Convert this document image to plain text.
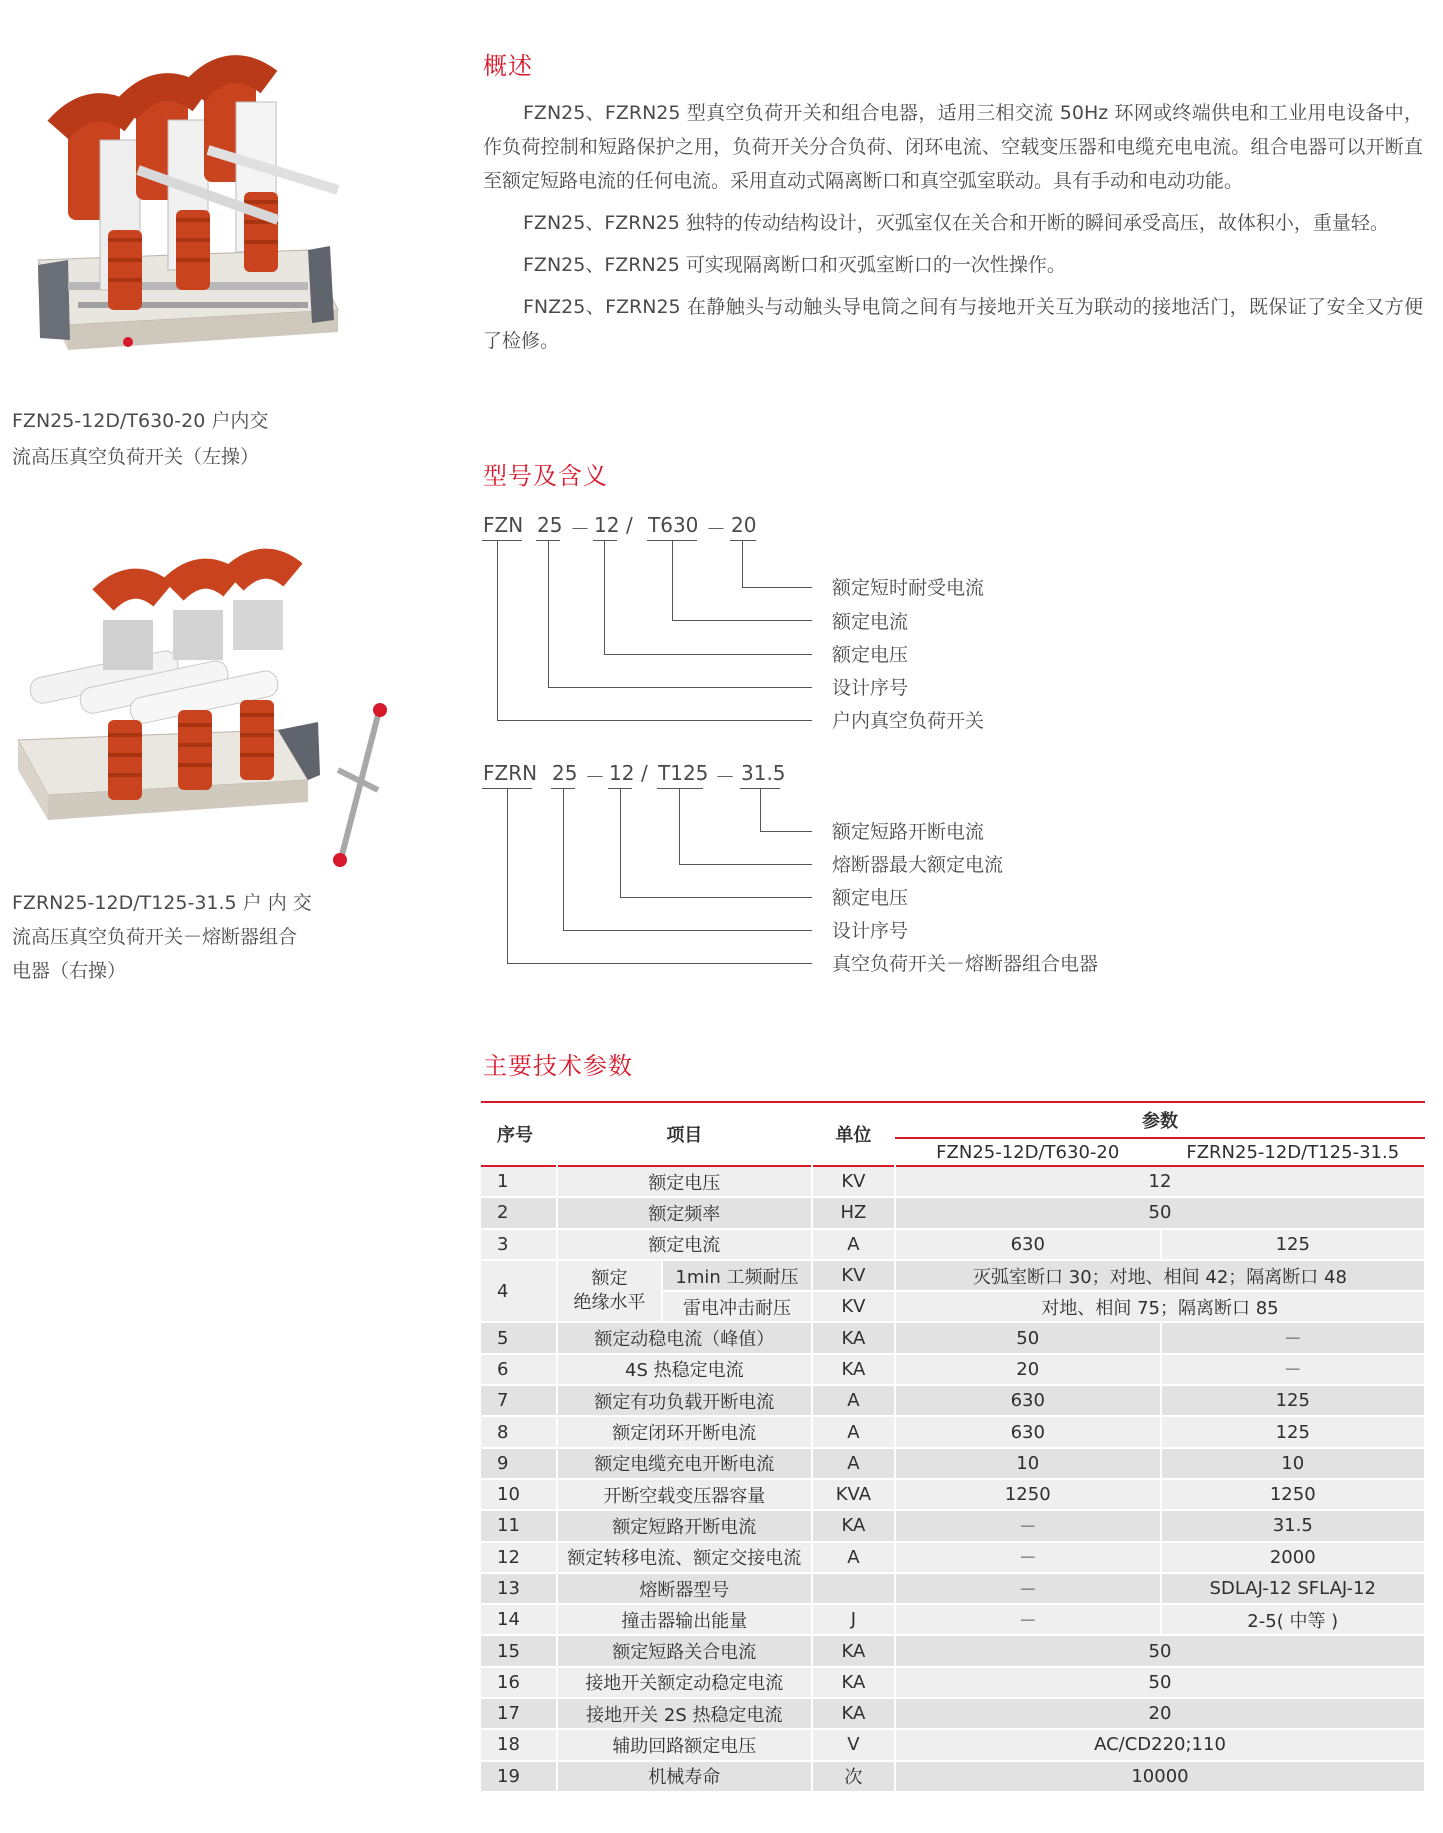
FZN25-12D/T630-20 户内交
流高压真空负荷开关（左操）
FZRN25-12D/T125-31.5 户 内 交
流高压真空负荷开关－熔断器组合
电器（右操）
概述

FZN25、FZRN25 型真空负荷开关和组合电器，适用三相交流 50Hz 环网或终端供电和工业用电设备中，作负荷控制和短路保护之用，负荷开关分合负荷、闭环电流、空载变压器和电缆充电电流。组合电器可以开断直至额定短路电流的任何电流。采用直动式隔离断口和真空弧室联动。具有手动和电动功能。

FZN25、FZRN25 独特的传动结构设计，灭弧室仅在关合和开断的瞬间承受高压，故体积小，重量轻。

FZN25、FZRN25 可实现隔离断口和灭弧室断口的一次性操作。

FNZ25、FZRN25 在静触头与动触头导电筒之间有与接地开关互为联动的接地活门，既保证了安全又方便了检修。

型号及含义
FZN 25 － 12 / T630 － 20
额定短时耐受电流
额定电流
额定电压
设计序号
户内真空负荷开关
FZRN 25 － 12 / T125 － 31.5
额定短路开断电流
熔断器最大额定电流
额定电压
设计序号
真空负荷开关－熔断器组合电器
主要技术参数
序号	项目		单位	参数	
				FZN25-12D/T630-20	FZRN25-12D/T125-31.5
1	额定电压		KV	12	
2	额定频率		HZ	50	
3	额定电流		A	630	125
4	额定
绝缘水平	1min 工频耐压	KV	灭弧室断口 30；对地、相间 42；隔离断口 48	
		雷电冲击耐压	KV	对地、相间 75；隔离断口 85	
5	额定动稳电流（峰值）		KA	50	－
6	4S 热稳定电流		KA	20	－
7	额定有功负载开断电流		A	630	125
8	额定闭环开断电流		A	630	125
9	额定电缆充电开断电流		A	10	10
10	开断空载变压器容量		KVA	1250	1250
11	额定短路开断电流		KA	－	31.5
12	额定转移电流、额定交接电流		A	－	2000
13	熔断器型号			－	SDLAJ-12 SFLAJ-12
14	撞击器输出能量		J	－	2-5( 中等 )
15	额定短路关合电流		KA	50	
16	接地开关额定动稳定电流		KA	50	
17	接地开关 2S 热稳定电流		KA	20	
18	辅助回路额定电压		V	AC/CD220;110	
19	机械寿命		次	10000	
